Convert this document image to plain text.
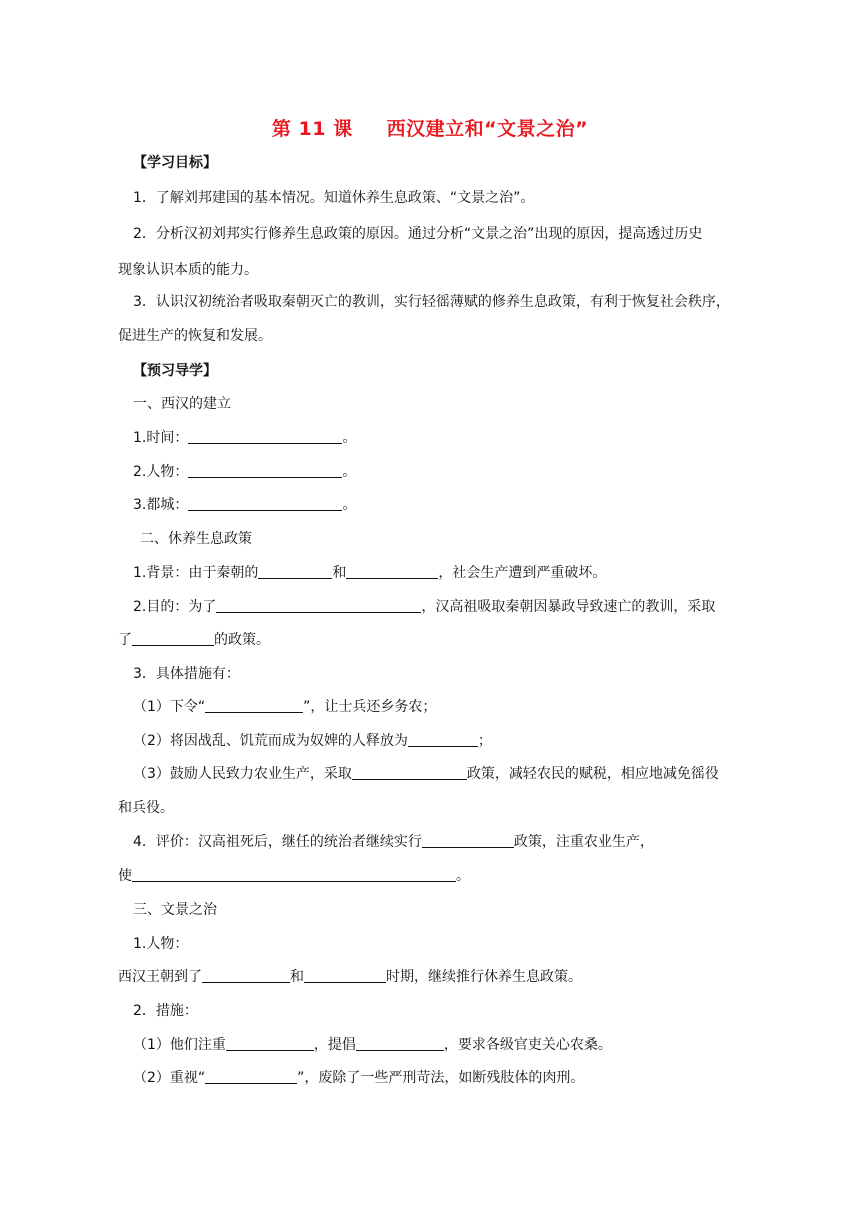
第 11 课 西汉建立和“文景之治”
【学习目标】
1．了解刘邦建国的基本情况。知道休养生息政策、“文景之治”。
2．分析汉初刘邦实行修养生息政策的原因。通过分析“文景之治”出现的原因，提高透过历史
现象认识本质的能力。
3．认识汉初统治者吸取秦朝灭亡的教训，实行轻徭薄赋的修养生息政策，有利于恢复社会秩序，
促进生产的恢复和发展。
【预习导学】
一、西汉的建立
1.时间：	。
2.人物：	。
3.都城：	。
二、休养生息政策
1.背景：由于秦朝的	和	，社会生产遭到严重破坏。
2.目的：为了	，汉高祖吸取秦朝因暴政导致速亡的教训，采取
了	的政策。
3．具体措施有：
（1）下令“	”，让士兵还乡务农；
（2）将因战乱、饥荒而成为奴婢的人释放为	；
（3）鼓励人民致力农业生产，采取	政策，减轻农民的赋税，相应地减免徭役
和兵役。
4．评价：汉高祖死后，继任的统治者继续实行	政策，注重农业生产，
使	。
三、文景之治
1.人物：
西汉王朝到了	和	时期，继续推行休养生息政策。
2．措施：
（1）他们注重	，提倡	，要求各级官吏关心农桑。
（2）重视“	”，废除了一些严刑苛法，如断残肢体的肉刑。
